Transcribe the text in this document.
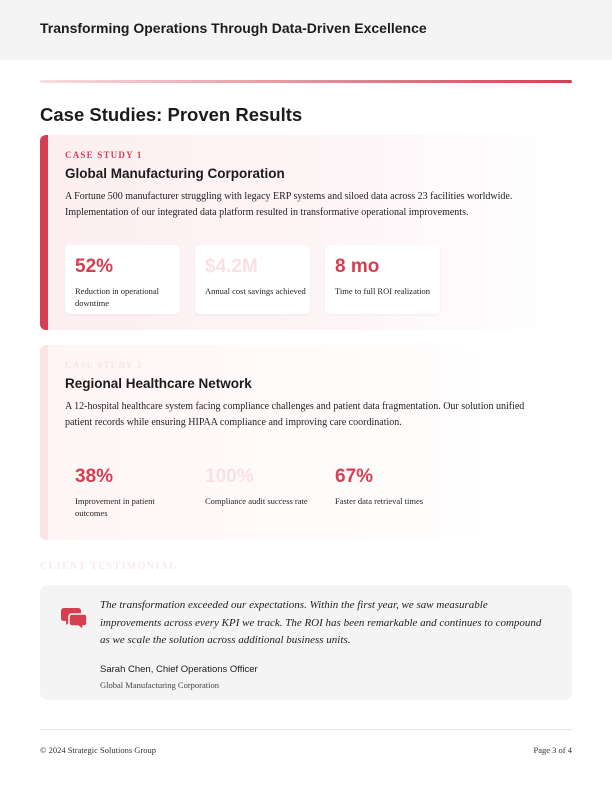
Transforming Operations Through Data-Driven Excellence
Case Studies: Proven Results
CASE STUDY 1
Global Manufacturing Corporation
A Fortune 500 manufacturer struggling with legacy ERP systems and siloed data across 23 facilities worldwide. Implementation of our integrated data platform resulted in transformative operational improvements.
52%
Reduction in operational downtime
$4.2M
Annual cost savings achieved
8 mo
Time to full ROI realization
CASE STUDY 2
Regional Healthcare Network
A 12-hospital healthcare system facing compliance challenges and patient data fragmentation. Our solution unified patient records while ensuring HIPAA compliance and improving care coordination.
38%
Improvement in patient outcomes
100%
Compliance audit success rate
67%
Faster data retrieval times
CLIENT TESTIMONIAL
The transformation exceeded our expectations. Within the first year, we saw measurable improvements across every KPI we track. The ROI has been remarkable and continues to compound as we scale the solution across additional business units.
Sarah Chen, Chief Operations Officer
Global Manufacturing Corporation
© 2024 Strategic Solutions Group	Page 3 of 4
